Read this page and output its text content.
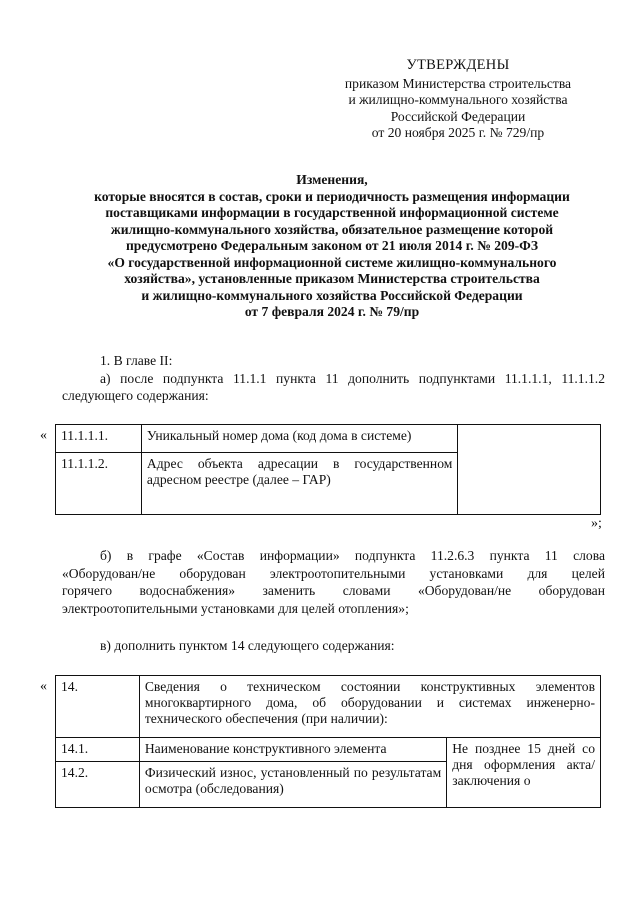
УТВЕРЖДЕНЫ
приказом Министерства строительства
и жилищно-коммунального хозяйства
Российской Федерации
от 20 ноября 2025 г. № 729/пр
Изменения,
которые вносятся в состав, сроки и периодичность размещения информации
поставщиками информации в государственной информационной системе
жилищно-коммунального хозяйства, обязательное размещение которой
предусмотрено Федеральным законом от 21 июля 2014 г. № 209-ФЗ
«О государственной информационной системе жилищно-коммунального
хозяйства», установленные приказом Министерства строительства
и жилищно-коммунального хозяйства Российской Федерации
от 7 февраля 2024 г. № 79/пр
1. В главе II:
а) после подпункта 11.1.1 пункта 11 дополнить подпунктами 11.1.1.1, 11.1.1.2
следующего содержания:
« 11.1.1.1.	Уникальный номер дома (код дома в системе)	
11.1.1.2.	Адрес объекта адресации в государственном адресном реестре (далее – ГАР)	
»;
б) в графе «Состав информации» подпункта 11.2.6.3 пункта 11 слова
«Оборудован/не оборудован электроотопительными установками для целей
горячего водоснабжения» заменить словами «Оборудован/не оборудован
электроотопительными установками для целей отопления»;
в) дополнить пунктом 14 следующего содержания:
« 14.	Сведения о техническом состоянии конструктивных элементов многоквартирного дома, об оборудовании и системах инженерно-технического обеспечения (при наличии):	
14.1.	Наименование конструктивного элемента	Не позднее 15 дней со дня оформления акта/ заключения о
14.2.	Физический износ, установленный по результатам осмотра (обследования)	
